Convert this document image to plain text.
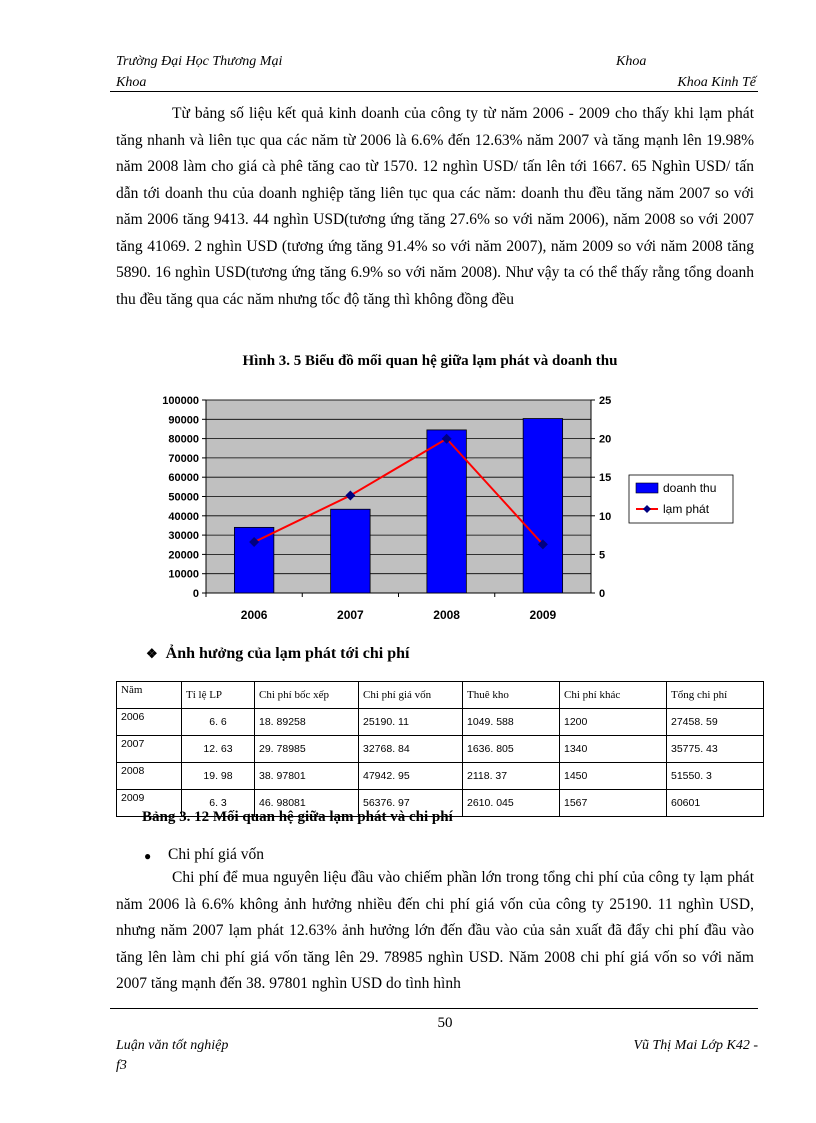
Trường Đại Học Thương Mại	Khoa
Khoa	Khoa Kinh Tế

Từ bảng số liệu kết quả kinh doanh của công ty từ năm 2006 - 2009 cho thấy khi lạm phát tăng nhanh và liên tục qua các năm từ 2006 là 6.6% đến 12.63% năm 2007 và tăng mạnh lên 19.98% năm 2008 làm cho giá cà phê tăng cao từ 1570. 12 nghìn USD/ tấn lên tới 1667. 65 Nghìn USD/ tấn dẫn tới doanh thu của doanh nghiệp tăng liên tục qua các năm: doanh thu đều tăng năm 2007 so với năm 2006 tăng 9413. 44 nghìn USD(tương ứng tăng 27.6% so với năm 2006), năm 2008 so với 2007 tăng 41069. 2 nghìn USD (tương ứng tăng 91.4% so với năm 2007), năm 2009 so với năm 2008 tăng 5890. 16 nghìn USD(tương ứng tăng 6.9% so với năm 2008). Như vậy ta có thể thấy rằng tổng doanh thu đều tăng qua các năm nhưng tốc độ tăng thì không đồng đều

Hình 3. 5 Biểu đồ mối quan hệ giữa lạm phát và doanh thu
0
10000
20000
30000
40000
50000
60000
70000
80000
90000
100000
0
5
10
15
20
25
2006	2007	2008	2009
doanh thu
lạm phát
❖ Ảnh hưởng của lạm phát tới chi phí
Năm	Tỉ lệ LP	Chi phí bốc xếp	Chi phí giá vốn	Thuê kho	Chi phí khác	Tổng chi phí
2006	6. 6	18. 89258	25190. 11	1049. 588	1200	27458. 59
2007	12. 63	29. 78985	32768. 84	1636. 805	1340	35775. 43
2008	19. 98	38. 97801	47942. 95	2118. 37	1450	51550. 3
2009	6. 3	46. 98081	56376. 97	2610. 045	1567	60601
Bảng 3. 12 Mối quan hệ giữa lạm phát và chi phí
● Chi phí giá vốn

Chi phí để mua nguyên liệu đầu vào chiếm phần lớn trong tổng chi phí của công ty lạm phát năm 2006 là 6.6% không ảnh hưởng nhiều đến chi phí giá vốn của công ty 25190. 11 nghìn USD, nhưng năm 2007 lạm phát 12.63% ảnh hưởng lớn đến đầu vào của sản xuất đã đẩy chi phí đầu vào tăng lên làm chi phí giá vốn tăng lên 29. 78985 nghìn USD. Năm 2008 chi phí giá vốn so với năm 2007 tăng mạnh đến 38. 97801 nghìn USD do tình hình

50
Luận văn tốt nghiệp
f3
Vũ Thị Mai Lớp K42 -
